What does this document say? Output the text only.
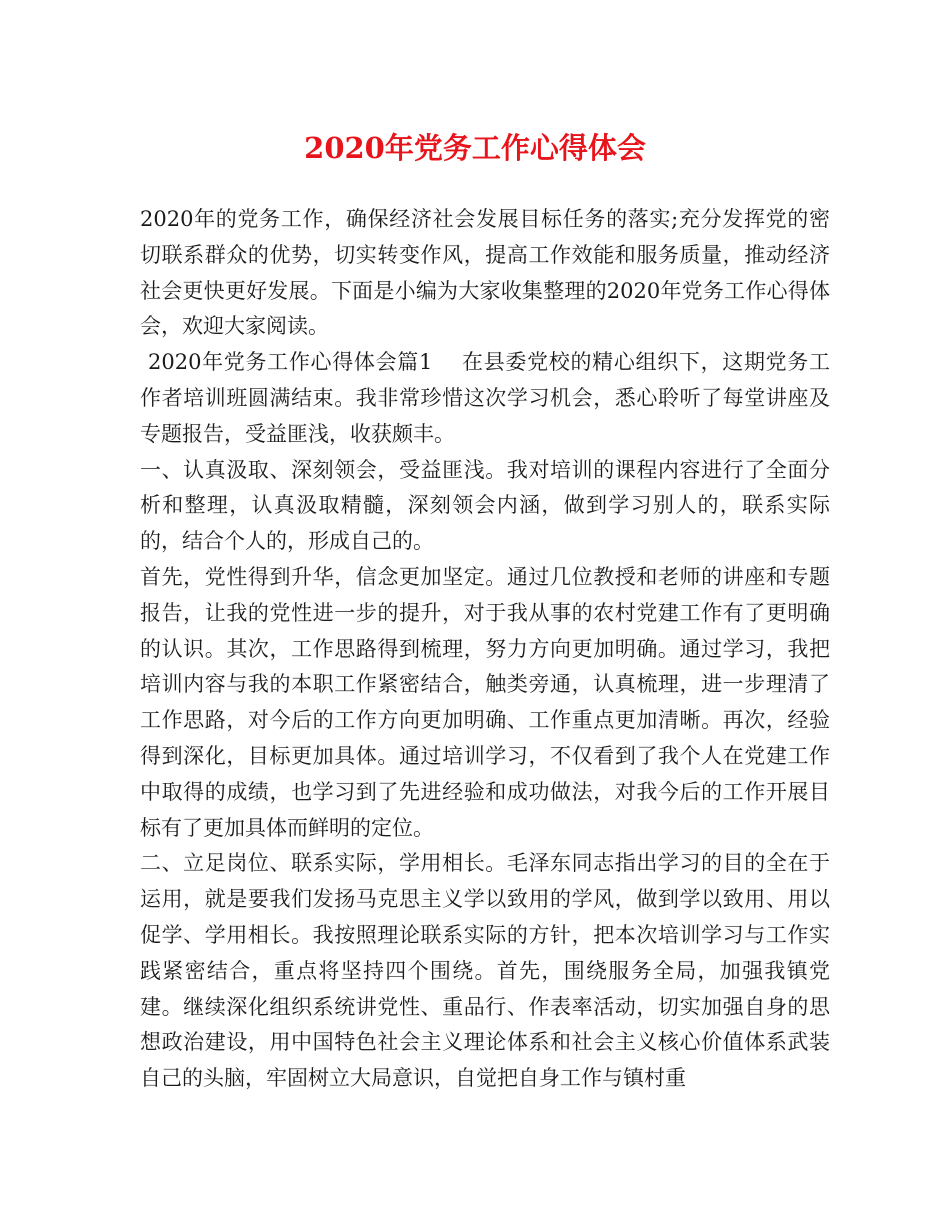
2020年党务工作心得体会

2020年的党务工作，确保经济社会发展目标任务的落实;充分发挥党的密切联系群众的优势，切实转变作风，提高工作效能和服务质量，推动经济社会更快更好发展。下面是小编为大家收集整理的2020年党务工作心得体会，欢迎大家阅读。

2020年党务工作心得体会篇1　 在县委党校的精心组织下，这期党务工作者培训班圆满结束。我非常珍惜这次学习机会，悉心聆听了每堂讲座及专题报告，受益匪浅，收获颇丰。

一、认真汲取、深刻领会，受益匪浅。我对培训的课程内容进行了全面分析和整理，认真汲取精髓，深刻领会内涵，做到学习别人的，联系实际的，结合个人的，形成自己的。

首先，党性得到升华，信念更加坚定。通过几位教授和老师的讲座和专题报告，让我的党性进一步的提升，对于我从事的农村党建工作有了更明确的认识。其次，工作思路得到梳理，努力方向更加明确。通过学习，我把培训内容与我的本职工作紧密结合，触类旁通，认真梳理，进一步理清了工作思路，对今后的工作方向更加明确、工作重点更加清晰。再次，经验得到深化，目标更加具体。通过培训学习，不仅看到了我个人在党建工作中取得的成绩，也学习到了先进经验和成功做法，对我今后的工作开展目标有了更加具体而鲜明的定位。

二、立足岗位、联系实际，学用相长。毛泽东同志指出学习的目的全在于运用，就是要我们发扬马克思主义学以致用的学风，做到学以致用、用以促学、学用相长。我按照理论联系实际的方针，把本次培训学习与工作实践紧密结合，重点将坚持四个围绕。首先，围绕服务全局，加强我镇党建。继续深化组织系统讲党性、重品行、作表率活动，切实加强自身的思想政治建设，用中国特色社会主义理论体系和社会主义核心价值体系武装自己的头脑，牢固树立大局意识，自觉把自身工作与镇村重
